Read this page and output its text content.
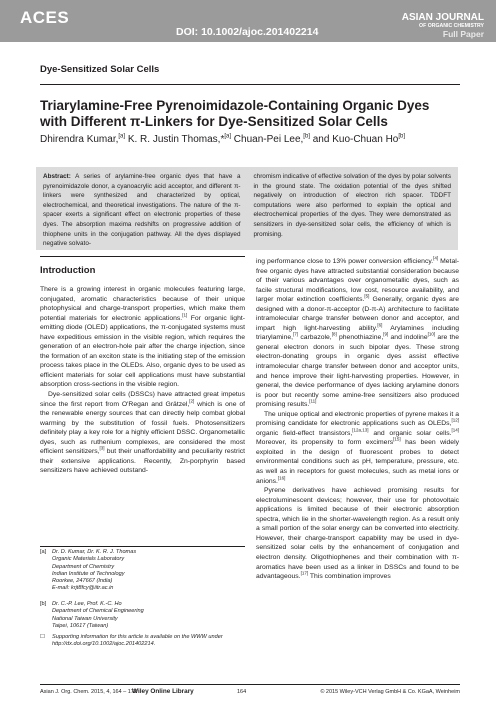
ACES
DOI: 10.1002/ajoc.201402214
ASIAN JOURNAL
OF ORGANIC CHEMISTRY
Full Paper
Dye-Sensitized Solar Cells
Triarylamine-Free Pyrenoimidazole-Containing Organic Dyes with Different π-Linkers for Dye-Sensitized Solar Cells
Dhirendra Kumar,[a] K. R. Justin Thomas,*[a] Chuan-Pei Lee,[b] and Kuo-Chuan Ho[b]
Abstract: A series of arylamine-free organic dyes that have a pyrenoimidazole donor, a cyanoacrylic acid acceptor, and different π-linkers were synthesized and characterized by optical, electrochemical, and theoretical investigations. The nature of the π-spacer exerts a significant effect on electronic properties of these dyes. The absorption maxima redshifts on progressive addition of thiophene units in the conjugation pathway. All the dyes displayed negative solvato-
chromism indicative of effective solvation of the dyes by polar solvents in the ground state. The oxidation potential of the dyes shifted negatively on introduction of electron rich spacer. TDDFT computations were also performed to explain the optical and electrochemical properties of the dyes. They were demonstrated as sensitizers in dye-sensitized solar cells, the efficiency of which is promising.
Introduction

There is a growing interest in organic molecules featuring large, conjugated, aromatic characteristics because of their unique photophysical and charge-transport properties, which make them potential materials for electronic applications.[1] For organic light-emitting diode (OLED) applications, the π-conjugated systems must have expeditious emission in the visible region, which requires the generation of an electron-hole pair after the charge injection, since the formation of an exciton state is the initiating step of the emission process takes place in the OLEDs. Also, organic dyes to be used as efficient materials for solar cell applications must have substantial absorption cross-sections in the visible region.

Dye-sensitized solar cells (DSSCs) have attracted great impetus since the first report from O'Regan and Grätzel,[2] which is one of the renewable energy sources that can directly help combat global warming by the substitution of fossil fuels. Photosensitizers definitely play a key role for a highly efficient DSSC. Organometallic dyes, such as ruthenium complexes, are considered the most efficient sensitizers,[3] but their unaffordability and peculiarity restrict their extensive applications. Recently, Zn-porphyrin based sensitizers have achieved outstand-

[a] Dr. D. Kumar, Dr. K. R. J. Thomas
Organic Materials Laboratory
Department of Chemistry
Indian Institute of Technology
Roorkee, 247667 (India)
E-mail: krjt8fcy@iitr.ac.in
[b] Dr. C.-P. Lee, Prof. K.-C. Ho
Department of Chemical Engineering
National Taiwan University
Taipei, 10617 (Taiwan)
☐ Supporting information for this article is available on the WWW under
http://dx.doi.org/10.1002/ajoc.201402214.

ing performance close to 13% power conversion efficiency.[4] Metal-free organic dyes have attracted substantial consideration because of their various advantages over organometallic dyes, such as facile structural modifications, low cost, resource availability, and larger molar extinction coefficients.[5] Generally, organic dyes are designed with a donor-π-acceptor (D-π-A) architecture to facilitate intramolecular charge transfer between donor and acceptor, and impart high light-harvesting ability.[6] Arylamines including triarylamine,[7] carbazole,[8] phenothiazine,[9] and indoline[10] are the general electron donors in such bipolar dyes. These strong electron-donating groups in organic dyes assist effective intramolecular charge transfer between donor and acceptor units, and hence improve their light-harvesting properties. However, in general, the device performance of dyes lacking arylamine donors is poor but recently some amine-free sensitizers also produced promising results.[11]

The unique optical and electronic properties of pyrene makes it a promising candidate for electronic applications such as OLEDs,[12] organic field-effect transistors,[12a,13] and organic solar cells.[14] Moreover, its propensity to form excimers[15] has been widely exploited in the design of fluorescent probes to detect environmental conditions such as pH, temperature, pressure, etc. as well as in receptors for guest molecules, such as metal ions or anions.[16]

Pyrene derivatives have achieved promising results for electroluminescent devices; however, their use for photovoltaic applications is limited because of their electronic absorption spectra, which lie in the shorter-wavelength region. As a result only a small portion of the solar energy can be converted into electricity. However, their charge-transport capability may be used in dye-sensitized solar cells by the enhancement of conjugation and electron density. Oligothiophenes and their combination with π-aromatics have been used as a linker in DSSCs and found to be advantageous.[17] This combination improves

Asian J. Org. Chem. 2015, 4, 164 – 172
Wiley Online Library	164	© 2015 Wiley-VCH Verlag GmbH & Co. KGaA, Weinheim
